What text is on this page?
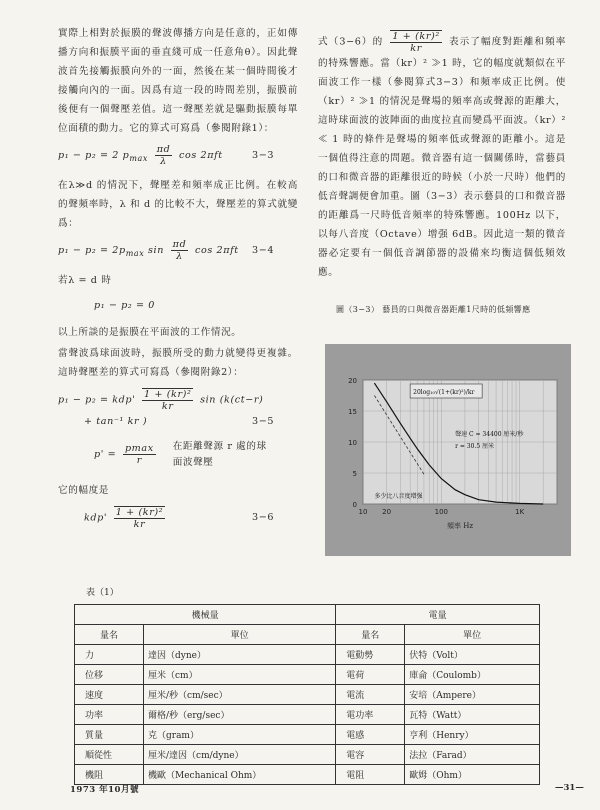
實際上相對於振膜的聲波傳播方向是任意的，正如傳播方向和振膜平面的垂直綫可成一任意角θ）。因此聲波首先接觸振膜向外的一面，然後在某一個時間後才接觸向內的一面。因爲有這一段的時間差別，振膜前後便有一個聲壓差值。這一聲壓差就是驅動振膜每單位面積的動力。它的算式可寫爲（參閱附錄1）：

p₁ − p₂ = 2 $p_{max} \frac{\pi d}{\lambda}$ cos 2πft	3−3

在λ≫d 的情況下，聲壓差和頻率成正比例。在較高的聲頻率時，λ 和 d 的比較不大，聲壓差的算式就變爲：

$p_1 - p_2 = 2p_{max}$ $\sin \frac{\pi d}{\lambda}$ cos 2πft	3−4

若λ = d 時

p₁ − p₂ = 0

以上所談的是振膜在平面波的工作情況。

當聲波爲球面波時，振膜所受的動力就變得更複雜。這時聲壓差的算式可寫爲（參閱附錄2）：

$p_1 - p_2 = kdp' \frac{\text{1 + (kr)²}}{kr}$ sin (k(ct−r)
+ tan⁻¹ kr )	3−5
$p' = \frac{pmax}{r}$ 在距離聲源 r 處的球面波聲壓

它的幅度是

$kdp' \frac{\text{1 + (kr)²}}{kr}$	3−6

式（3−6）的 $\frac{\text{1 + (kr)²}}{kr}$ 表示了幅度對距離和頻率的特殊響應。當（kr）² ≫1 時，它的幅度就類似在平面波工作一樣（參閱算式3−3）和頻率成正比例。使（kr）² ≫1 的情況是聲場的頻率高或聲源的距離大，這時球面波的波陣面的曲度拉直而變爲平面波。（kr）² ≪ 1 時的條件是聲場的頻率低或聲源的距離小。這是一個值得注意的問題。微音器有這一個關係時，當藝員的口和微音器的距離很近的時候（小於一尺時）他們的低音聲調便會加重。圖（3−3）表示藝員的口和微音器的距離爲一尺時低音頻率的特殊響應。100Hz 以下，以每八音度（Octave）增强 6dB。因此這一類的微音器必定要有一個低音調節器的設備來均衡這個低頻效應。

圖（3−3） 藝員的口與微音器距離1尺時的低頻響應
20
15
10
5
0
10 20	100	1K
頻率 Hz
20log₁₀√(1+(kr)²)/kr
聲速 C = 34400 厘米/秒
r = 30.5 厘米
多少比八音度增强
表（1）
機械量		電量	
量名	單位	量名	單位
力	達因（dyne）	電動勢	伏特（Volt）
位移	厘米（cm）	電荷	庫侖（Coulomb）
速度	厘米/秒（cm/sec）	電流	安培（Ampere）
功率	爾格/秒（erg/sec）	電功率	瓦特（Watt）
質量	克（gram）	電感	亨利（Henry）
順從性	厘米/達因（cm/dyne）	電容	法拉（Farad）
機阻	機歐（Mechanical Ohm）	電阻	歐姆（Ohm）
1973 年10月號	—31—
